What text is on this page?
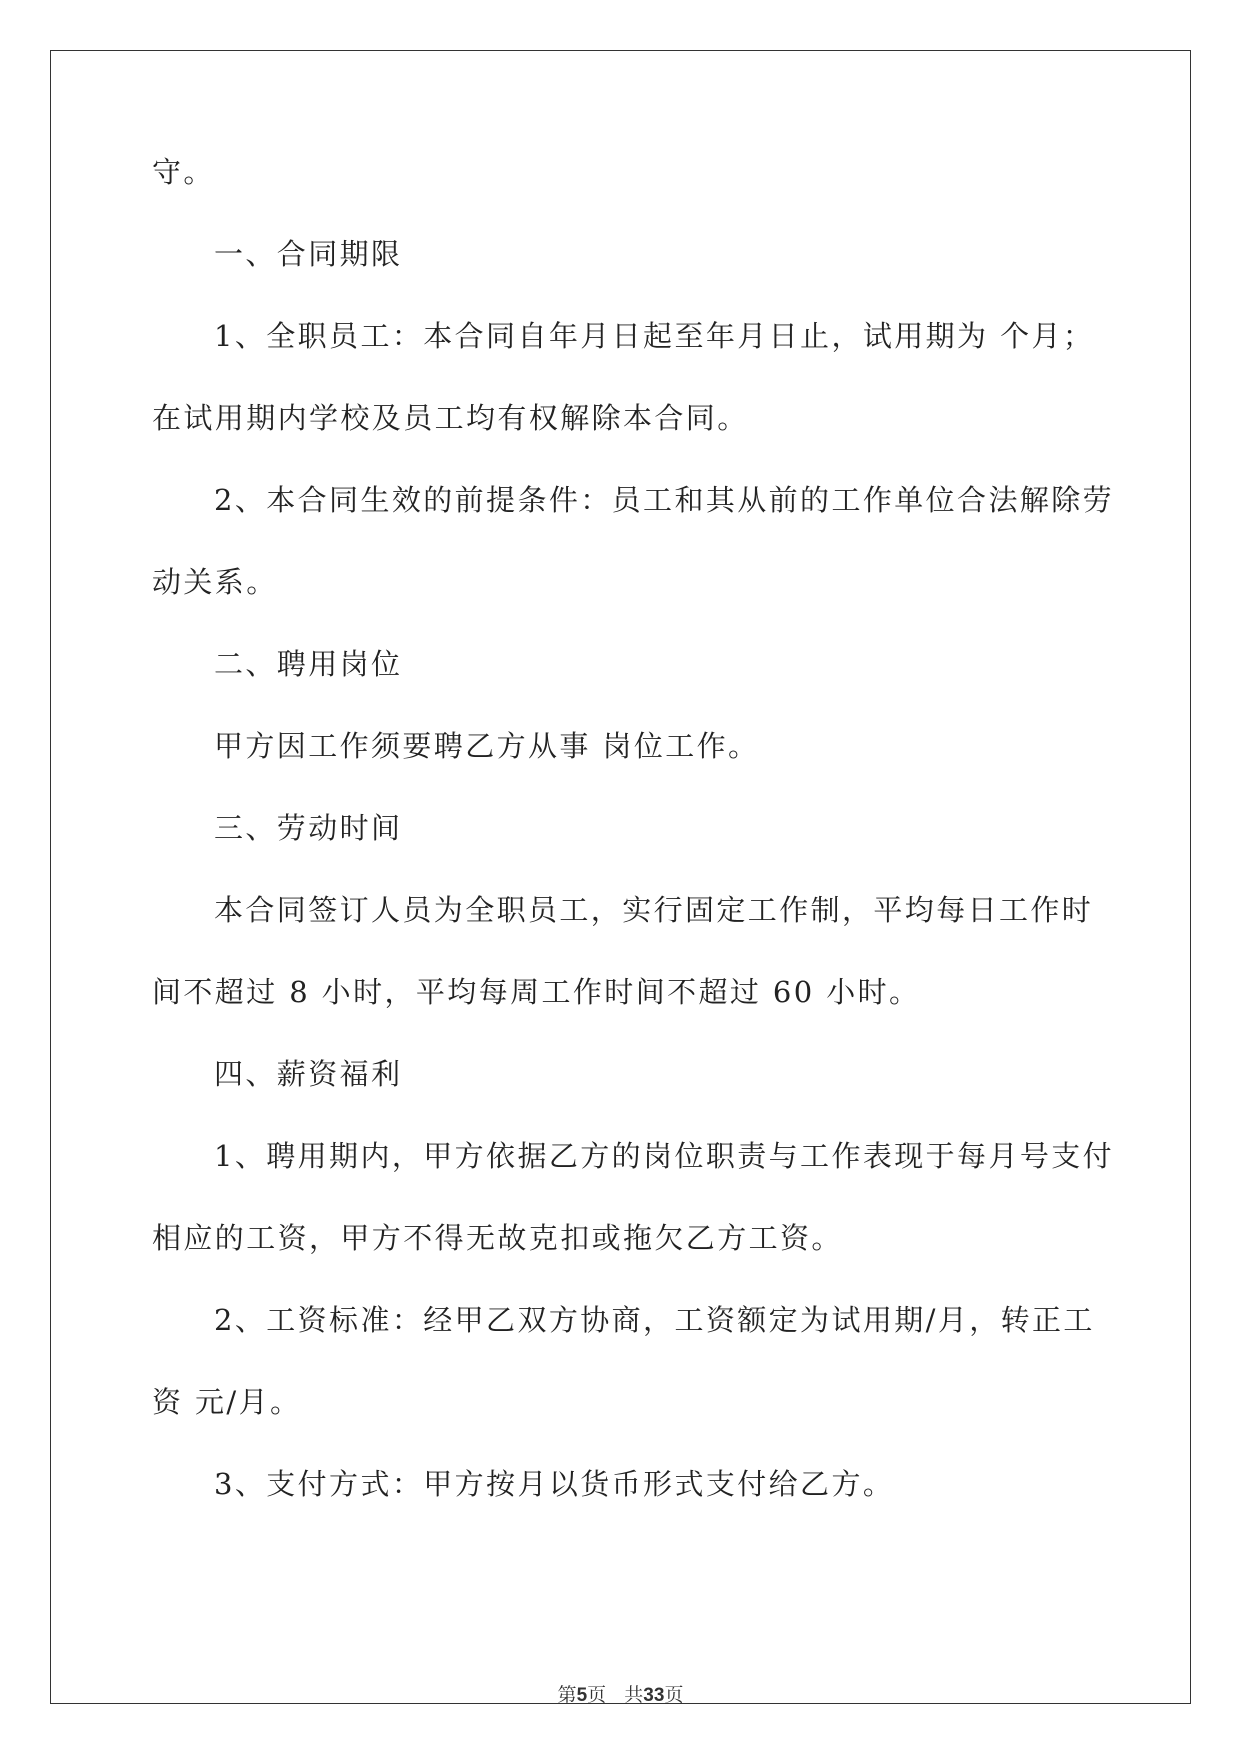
守。
一、合同期限
1、全职员工：本合同自年月日起至年月日止，试用期为 个月；
在试用期内学校及员工均有权解除本合同。
2、本合同生效的前提条件：员工和其从前的工作单位合法解除劳
动关系。
二、聘用岗位
甲方因工作须要聘乙方从事 岗位工作。
三、劳动时间
本合同签订人员为全职员工，实行固定工作制，平均每日工作时
间不超过 8 小时，平均每周工作时间不超过 60 小时。
四、薪资福利
1、聘用期内，甲方依据乙方的岗位职责与工作表现于每月号支付
相应的工资，甲方不得无故克扣或拖欠乙方工资。
2、工资标准：经甲乙双方协商，工资额定为试用期/月，转正工
资 元/月。
3、支付方式：甲方按月以货币形式支付给乙方。
第5页 共33页
